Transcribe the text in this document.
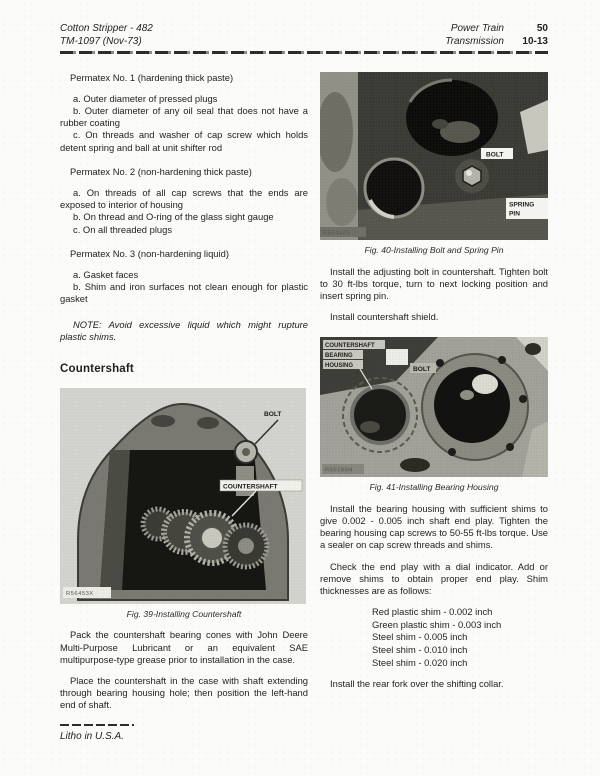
Cotton Stripper - 482
TM-1097 (Nov-73)
Power Train	50
Transmission	10-13

Permatex No. 1 (hardening thick paste)

a. Outer diameter of pressed plugs

b. Outer diameter of any oil seal that does not have a rubber coating

c. On threads and washer of cap screw which holds detent spring and ball at unit shifter rod

Permatex No. 2 (non-hardening thick paste)

a. On threads of all cap screws that the ends are exposed to interior of housing

b. On thread and O-ring of the glass sight gauge

c. On all threaded plugs

Permatex No. 3 (non-hardening liquid)

a. Gasket faces

b. Shim and iron surfaces not clean enough for plastic gasket

NOTE: Avoid excessive liquid which might rupture plastic shims.

Countershaft
Fig. 39-Installing Countershaft

Pack the countershaft bearing cones with John Deere Multi-Purpose Lubricant or an equivalent SAE multipurpose-type grease prior to installation in the case.

Place the countershaft in the case with shaft extending through bearing housing hole; then position the left-hand end of shaft.

Fig. 40-Installing Bolt and Spring Pin

Install the adjusting bolt in countershaft. Tighten bolt to 30 ft-lbs torque, turn to next locking position and insert spring pin.

Install countershaft shield.

Fig. 41-Installing Bearing Housing

Install the bearing housing with sufficient shims to give 0.002 - 0.005 inch shaft end play. Tighten the bearing housing cap screws to 50-55 ft-lbs torque. Use a sealer on cap screw threads and shims.

Check the end play with a dial indicator. Add or remove shims to obtain proper end play. Shim thicknesses are as follows:

Red plastic shim - 0.002 inch
Green plastic shim - 0.003 inch
Steel shim - 0.005 inch
Steel shim - 0.010 inch
Steel shim - 0.020 inch

Install the rear fork over the shifting collar.

Litho in U.S.A.
